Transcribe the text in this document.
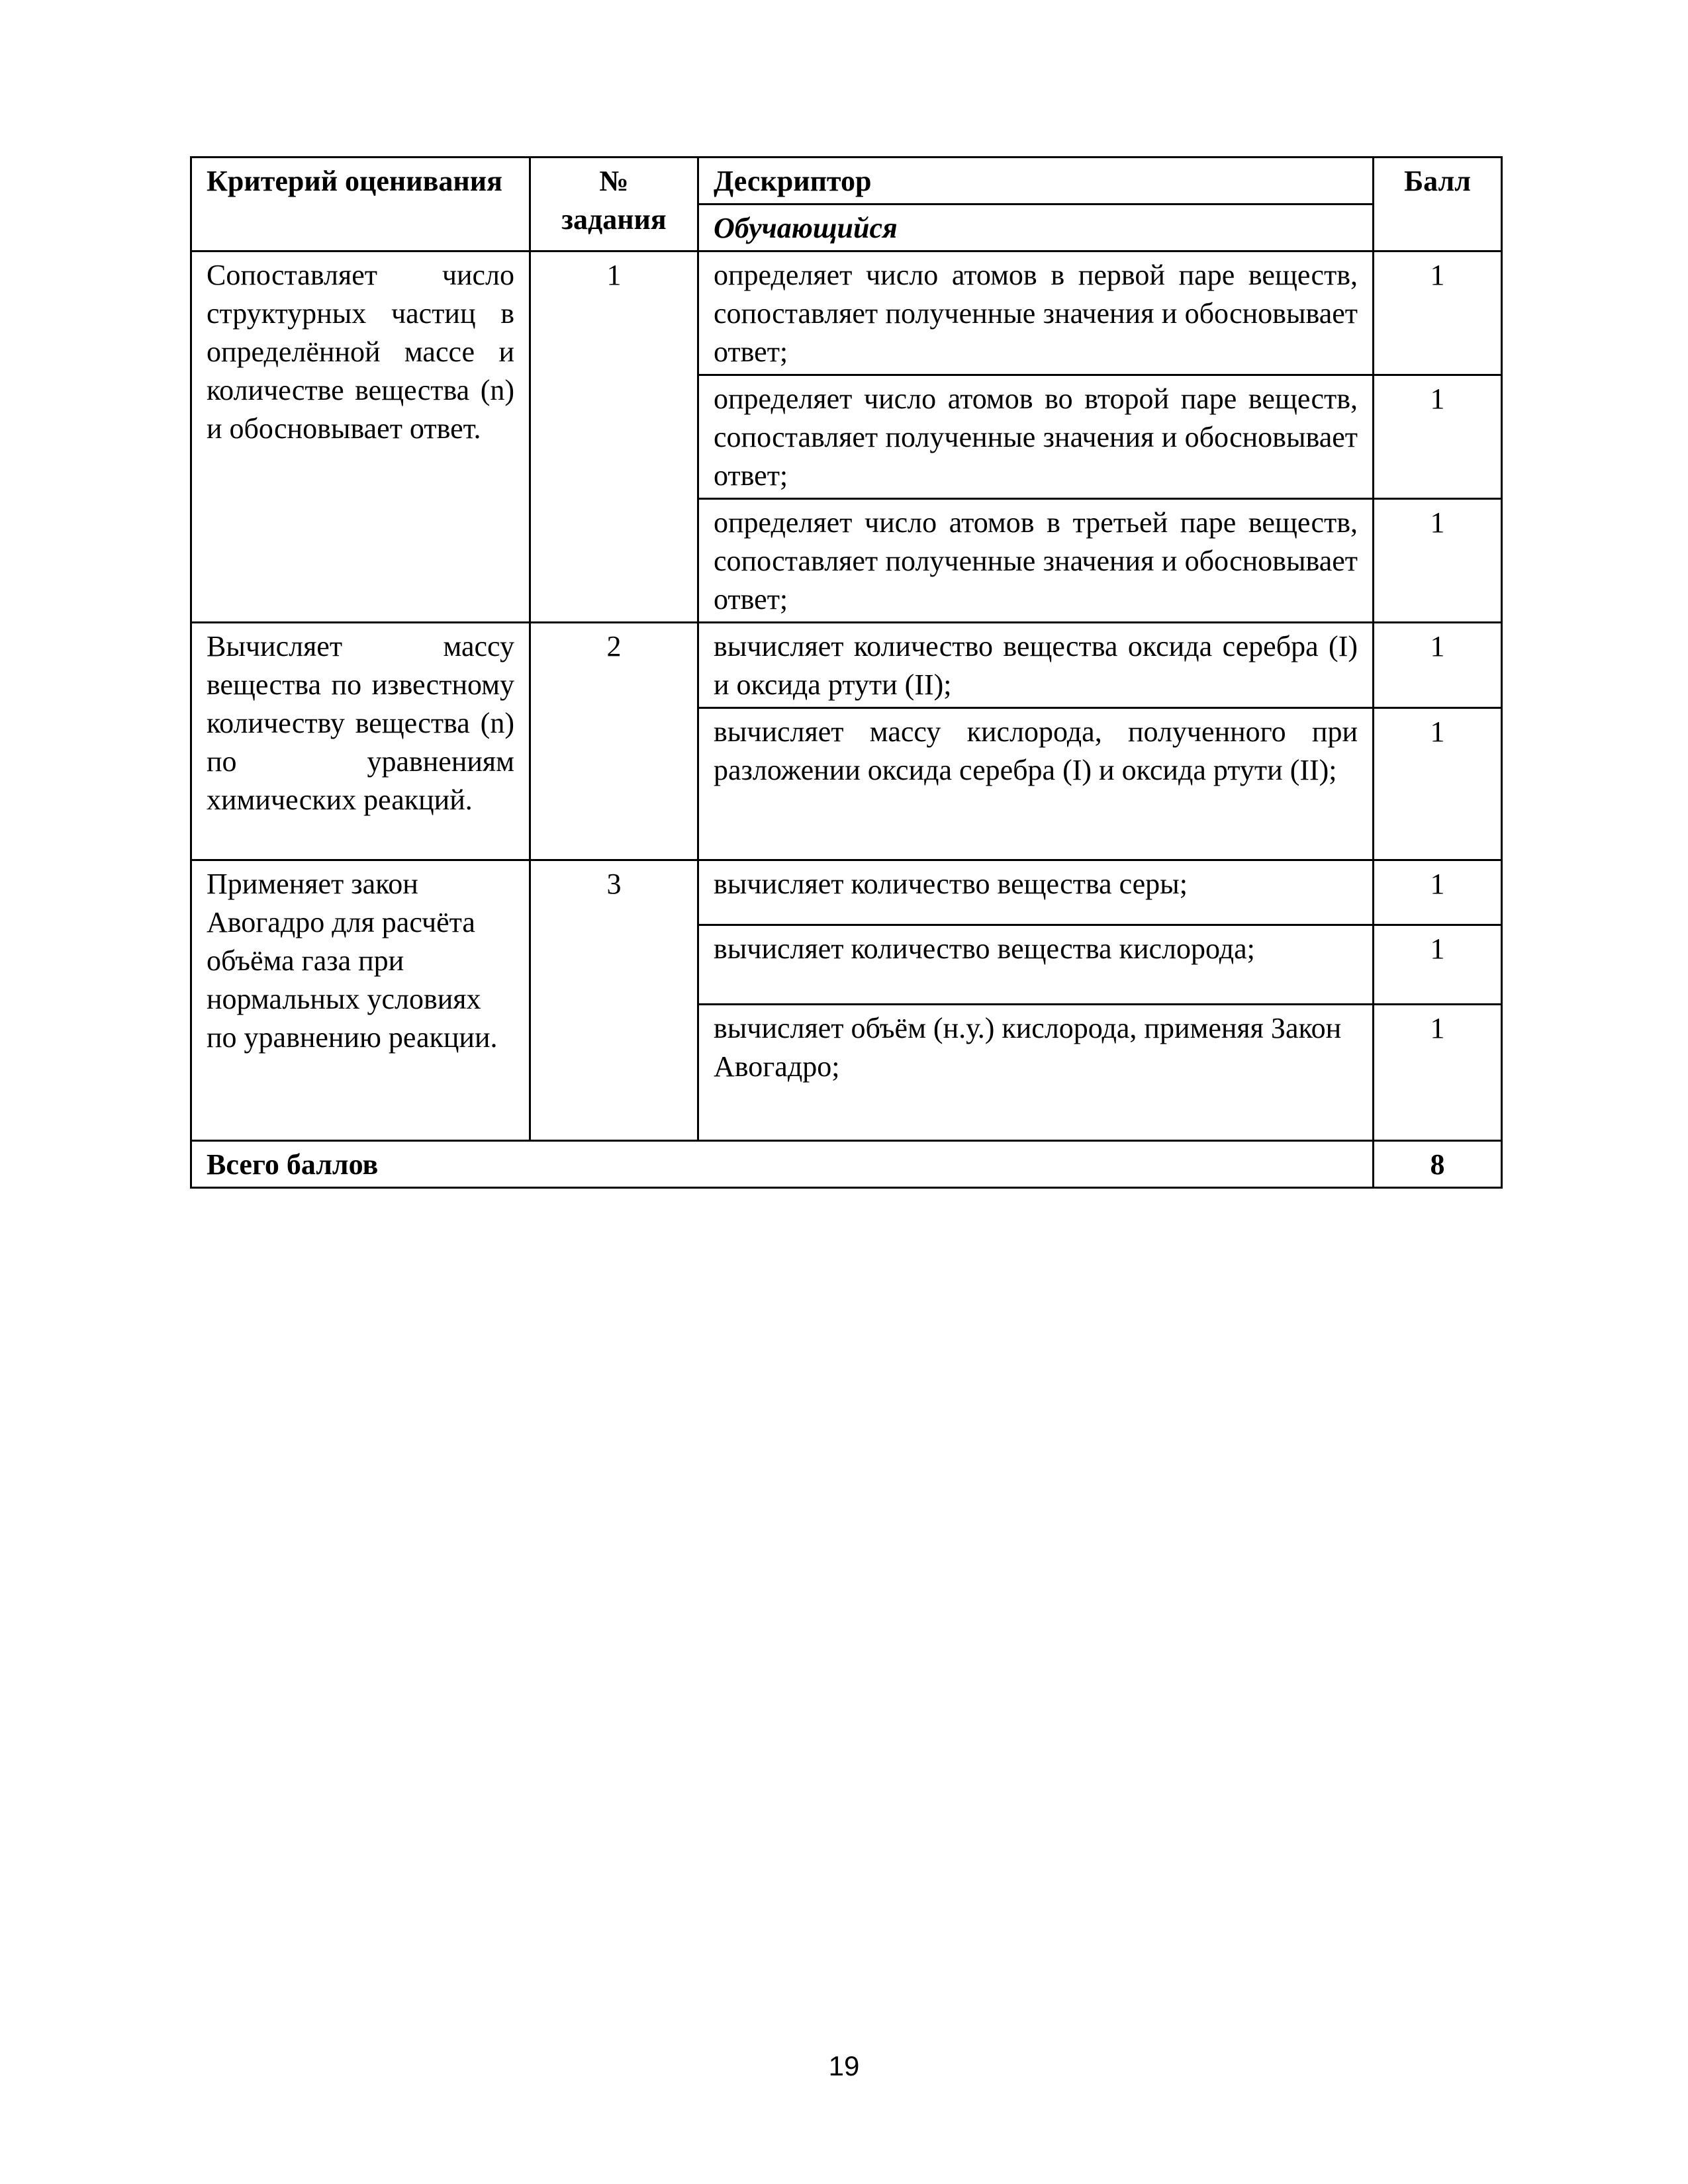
Критерий оценивания	№ задания	Дескриптор	Балл
		Обучающийся	
Сопоставляет число структурных частиц в определённой массе и количестве вещества (n) и обосновывает ответ.	1	определяет число атомов в первой паре веществ, сопоставляет полученные значения и обосновывает ответ;	1
		определяет число атомов во второй паре веществ, сопоставляет полученные значения и обосновывает ответ;	1
		определяет число атомов в третьей паре веществ, сопоставляет полученные значения и обосновывает ответ;	1
Вычисляет массу вещества по известному количеству вещества (n) по уравнениям химических реакций.	2	вычисляет количество вещества оксида серебра (I) и оксида ртути (II);	1
		вычисляет массу кислорода, полученного при разложении оксида серебра (I) и оксида ртути (II);	1
Применяет закон Авогадро для расчёта объёма газа при нормальных условиях по уравнению реакции.	3	вычисляет количество вещества серы;	1
		вычисляет количество вещества кислорода;	1
		вычисляет объём (н.у.) кислорода, применяя Закон Авогадро;	1
Всего баллов			8
19
